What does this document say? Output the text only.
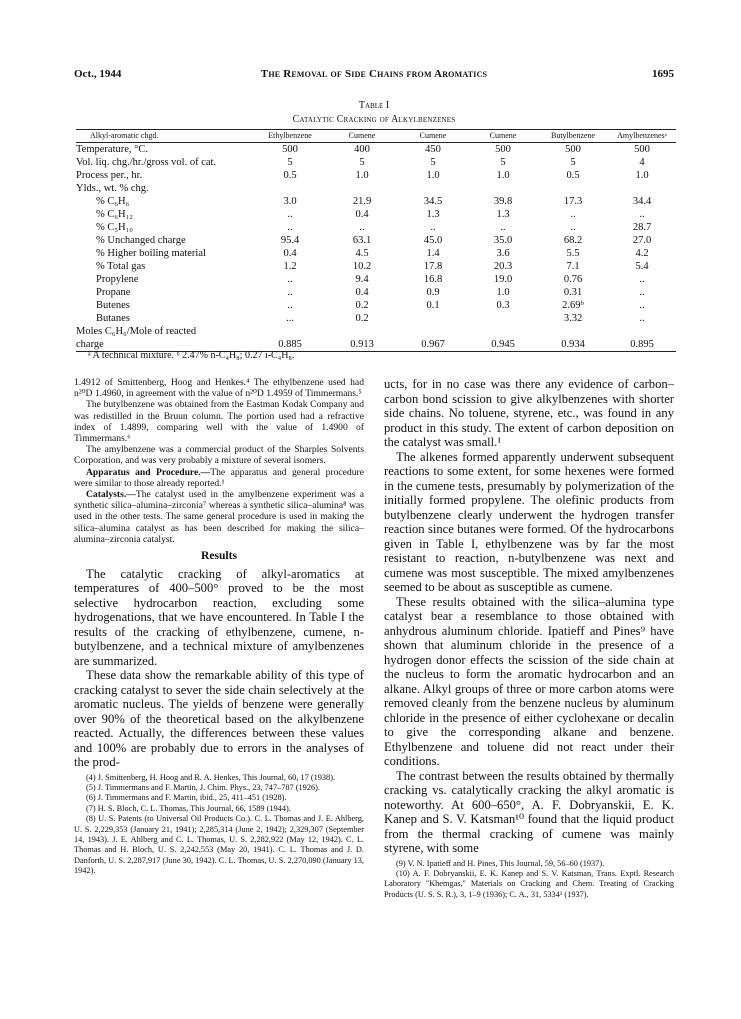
Oct., 1944	The Removal of Side Chains from Aromatics	1695
Table I
Catalytic Cracking of Alkylbenzenes

Alkyl-aromatic chgd.	Ethylbenzene	Cumene	Cumene	Cumene	Butylbenzene	Amylbenzenesᵃ
Temperature, °C.	500	400	450	500	500	500
Vol. liq. chg./hr./gross vol. of cat.	5	5	5	5	5	4
Process per., hr.	0.5	1.0	1.0	1.0	0.5	1.0
Ylds., wt. % chg.						
% C₆H₆	3.0	21.9	34.5	39.8	17.3	34.4
% C₆H₁₂	..	0.4	1.3	1.3	..	..
% C₅H₁₀	..	..	..	..	..	28.7
% Unchanged charge	95.4	63.1	45.0	35.0	68.2	27.0
% Higher boiling material	0.4	4.5	1.4	3.6	5.5	4.2
% Total gas	1.2	10.2	17.8	20.3	7.1	5.4
Propylene	..	9.4	16.8	19.0	0.76	..
Propane	..	0.4	0.9	1.0	0.31	..
Butenes	..	0.2	0.1	0.3	2.69ᵇ	..
Butanes	...	0.2			3.32	..
Moles C₆H₆/Mole of reacted						
charge	0.885	0.913	0.967	0.945	0.934	0.895
ᵃ A technical mixture. ᵇ 2.47% n-C₄H₈; 0.27 i-C₄H₈.

1.4912 of Smittenberg, Hoog and Henkes.⁴ The ethylbenzene used had n²⁰D 1.4960, in agreement with the value of n²⁰D 1.4959 of Timmermans.⁵

The butylbenzene was obtained from the Eastman Kodak Company and was redistilled in the Bruun column. The portion used had a refractive index of 1.4899, comparing well with the value of 1.4900 of Timmermans.⁶

The amylbenzene was a commercial product of the Sharples Solvents Corporation, and was very probably a mixture of several isomers.

Apparatus and Procedure.—The apparatus and general procedure were similar to those already reported.¹

Catalysts.—The catalyst used in the amylbenzene experiment was a synthetic silica–alumina–zirconia⁷ whereas a synthetic silica–alumina⁸ was used in the other tests. The same general procedure is used in making the silica–alumina catalyst as has been described for making the silica–alumina–zirconia catalyst.

Results

The catalytic cracking of alkyl-aromatics at temperatures of 400–500° proved to be the most selective hydrocarbon reaction, excluding some hydrogenations, that we have encountered. In Table I the results of the cracking of ethylbenzene, cumene, n-butylbenzene, and a technical mixture of amylbenzenes are summarized.

These data show the remarkable ability of this type of cracking catalyst to sever the side chain selectively at the aromatic nucleus. The yields of benzene were generally over 90% of the theoretical based on the alkylbenzene reacted. Actually, the differences between these values and 100% are probably due to errors in the analyses of the prod-

(4) J. Smittenberg, H. Hoog and R. A. Henkes, This Journal, 60, 17 (1938).

(5) J. Timmermans and F. Martin, J. Chim. Phys., 23, 747–787 (1926).

(6) J. Timmermans and F. Martin, ibid., 25, 411–451 (1928).

(7) H. S. Bloch, C. L. Thomas, This Journal, 66, 1589 (1944).

(8) U. S. Patents (to Universal Oil Products Co.). C. L. Thomas and J. E. Ahlberg, U. S. 2,229,353 (January 21, 1941); 2,285,314 (June 2, 1942); 2,329,307 (September 14, 1943). J. E. Ahlberg and C. L. Thomas, U. S. 2,282,922 (May 12, 1942). C. L. Thomas and H. Bloch, U. S. 2,242,553 (May 20, 1941). C. L. Thomas and J. D. Danforth, U. S. 2,287,917 (June 30, 1942). C. L. Thomas, U. S. 2,270,090 (January 13, 1942).

ucts, for in no case was there any evidence of carbon–carbon bond scission to give alkylbenzenes with shorter side chains. No toluene, styrene, etc., was found in any product in this study. The extent of carbon deposition on the catalyst was small.¹

The alkenes formed apparently underwent subsequent reactions to some extent, for some hexenes were formed in the cumene tests, presumably by polymerization of the initially formed propylene. The olefinic products from butylbenzene clearly underwent the hydrogen transfer reaction since butanes were formed. Of the hydrocarbons given in Table I, ethylbenzene was by far the most resistant to reaction, n-butylbenzene was next and cumene was most susceptible. The mixed amylbenzenes seemed to be about as susceptible as cumene.

These results obtained with the silica–alumina type catalyst bear a resemblance to those obtained with anhydrous aluminum chloride. Ipatieff and Pines⁹ have shown that aluminum chloride in the presence of a hydrogen donor effects the scission of the side chain at the nucleus to form the aromatic hydrocarbon and an alkane. Alkyl groups of three or more carbon atoms were removed cleanly from the benzene nucleus by aluminum chloride in the presence of either cyclohexane or decalin to give the corresponding alkane and benzene. Ethylbenzene and toluene did not react under their conditions.

The contrast between the results obtained by thermally cracking vs. catalytically cracking the alkyl aromatic is noteworthy. At 600–650°, A. F. Dobryanskii, E. K. Kanep and S. V. Katsman¹⁰ found that the liquid product from the thermal cracking of cumene was mainly styrene, with some

(9) V. N. Ipatieff and H. Pines, This Journal, 59, 56–60 (1937).

(10) A. F. Dobryanskii, E. K. Kanep and S. V. Katsman, Trans. Exptl. Research Laboratory "Khemgas," Materials on Cracking and Chem. Treating of Cracking Products (U. S. S. R.), 3, 1–9 (1936); C. A., 31, 5334¹ (1937).
